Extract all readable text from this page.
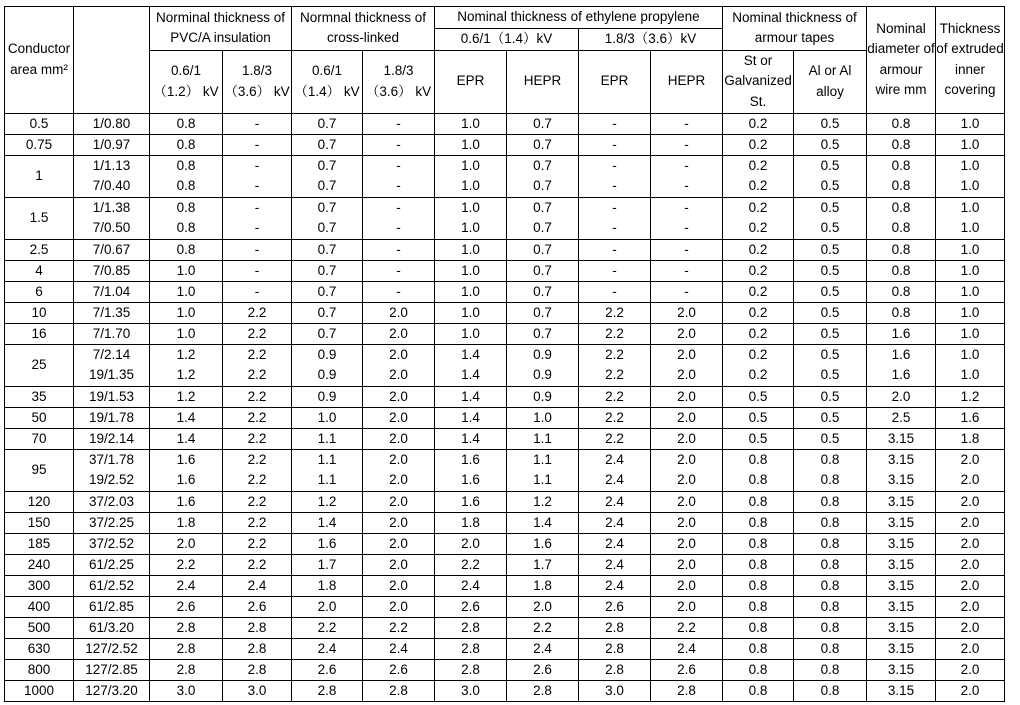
Conductor area mm²		Norminal thickness of PVC/A insulation		Normnal thickness of cross-linked		Nominal thickness of ethylene propylene				Nominal thickness of armour tapes		Nominal diameter of armour wire mm	Thickness of extruded inner covering
						0.6/1（1.4）kV		1.8/3（3.6）kV					
		0.6/1 （1.2） kV	1.8/3 （3.6） kV	0.6/1 （1.4） kV	1.8/3 （3.6） kV	EPR	HEPR	EPR	HEPR	St or Galvanized St.	Al or Al alloy		

0.5	1/0.80	0.8	-	0.7	-	1.0	0.7	-	-	0.2	0.5	0.8	1.0
0.75	1/0.97	0.8	-	0.7	-	1.0	0.7	-	-	0.2	0.5	0.8	1.0
1	1/1.13	0.8	-	0.7	-	1.0	0.7	-	-	0.2	0.5	0.8	1.0
	7/0.40	0.8	-	0.7	-	1.0	0.7	-	-	0.2	0.5	0.8	1.0
1.5	1/1.38	0.8	-	0.7	-	1.0	0.7	-	-	0.2	0.5	0.8	1.0
	7/0.50	0.8	-	0.7	-	1.0	0.7	-	-	0.2	0.5	0.8	1.0
2.5	7/0.67	0.8	-	0.7	-	1.0	0.7	-	-	0.2	0.5	0.8	1.0
4	7/0.85	1.0	-	0.7	-	1.0	0.7	-	-	0.2	0.5	0.8	1.0
6	7/1.04	1.0	-	0.7	-	1.0	0.7	-	-	0.2	0.5	0.8	1.0
10	7/1.35	1.0	2.2	0.7	2.0	1.0	0.7	2.2	2.0	0.2	0.5	0.8	1.0
16	7/1.70	1.0	2.2	0.7	2.0	1.0	0.7	2.2	2.0	0.2	0.5	1.6	1.0
25	7/2.14	1.2	2.2	0.9	2.0	1.4	0.9	2.2	2.0	0.2	0.5	1.6	1.0
	19/1.35	1.2	2.2	0.9	2.0	1.4	0.9	2.2	2.0	0.2	0.5	1.6	1.0
35	19/1.53	1.2	2.2	0.9	2.0	1.4	0.9	2.2	2.0	0.5	0.5	2.0	1.2
50	19/1.78	1.4	2.2	1.0	2.0	1.4	1.0	2.2	2.0	0.5	0.5	2.5	1.6
70	19/2.14	1.4	2.2	1.1	2.0	1.4	1.1	2.2	2.0	0.5	0.5	3.15	1.8
95	37/1.78	1.6	2.2	1.1	2.0	1.6	1.1	2.4	2.0	0.8	0.8	3.15	2.0
	19/2.52	1.6	2.2	1.1	2.0	1.6	1.1	2.4	2.0	0.8	0.8	3.15	2.0
120	37/2.03	1.6	2.2	1.2	2.0	1.6	1.2	2.4	2.0	0.8	0.8	3.15	2.0
150	37/2.25	1.8	2.2	1.4	2.0	1.8	1.4	2.4	2.0	0.8	0.8	3.15	2.0
185	37/2.52	2.0	2.2	1.6	2.0	2.0	1.6	2.4	2.0	0.8	0.8	3.15	2.0
240	61/2.25	2.2	2.2	1.7	2.0	2.2	1.7	2.4	2.0	0.8	0.8	3.15	2.0
300	61/2.52	2.4	2.4	1.8	2.0	2.4	1.8	2.4	2.0	0.8	0.8	3.15	2.0
400	61/2.85	2.6	2.6	2.0	2.0	2.6	2.0	2.6	2.0	0.8	0.8	3.15	2.0
500	61/3.20	2.8	2.8	2.2	2.2	2.8	2.2	2.8	2.2	0.8	0.8	3.15	2.0
630	127/2.52	2.8	2.8	2.4	2.4	2.8	2.4	2.8	2.4	0.8	0.8	3.15	2.0
800	127/2.85	2.8	2.8	2.6	2.6	2.8	2.6	2.8	2.6	0.8	0.8	3.15	2.0
1000	127/3.20	3.0	3.0	2.8	2.8	3.0	2.8	3.0	2.8	0.8	0.8	3.15	2.0
